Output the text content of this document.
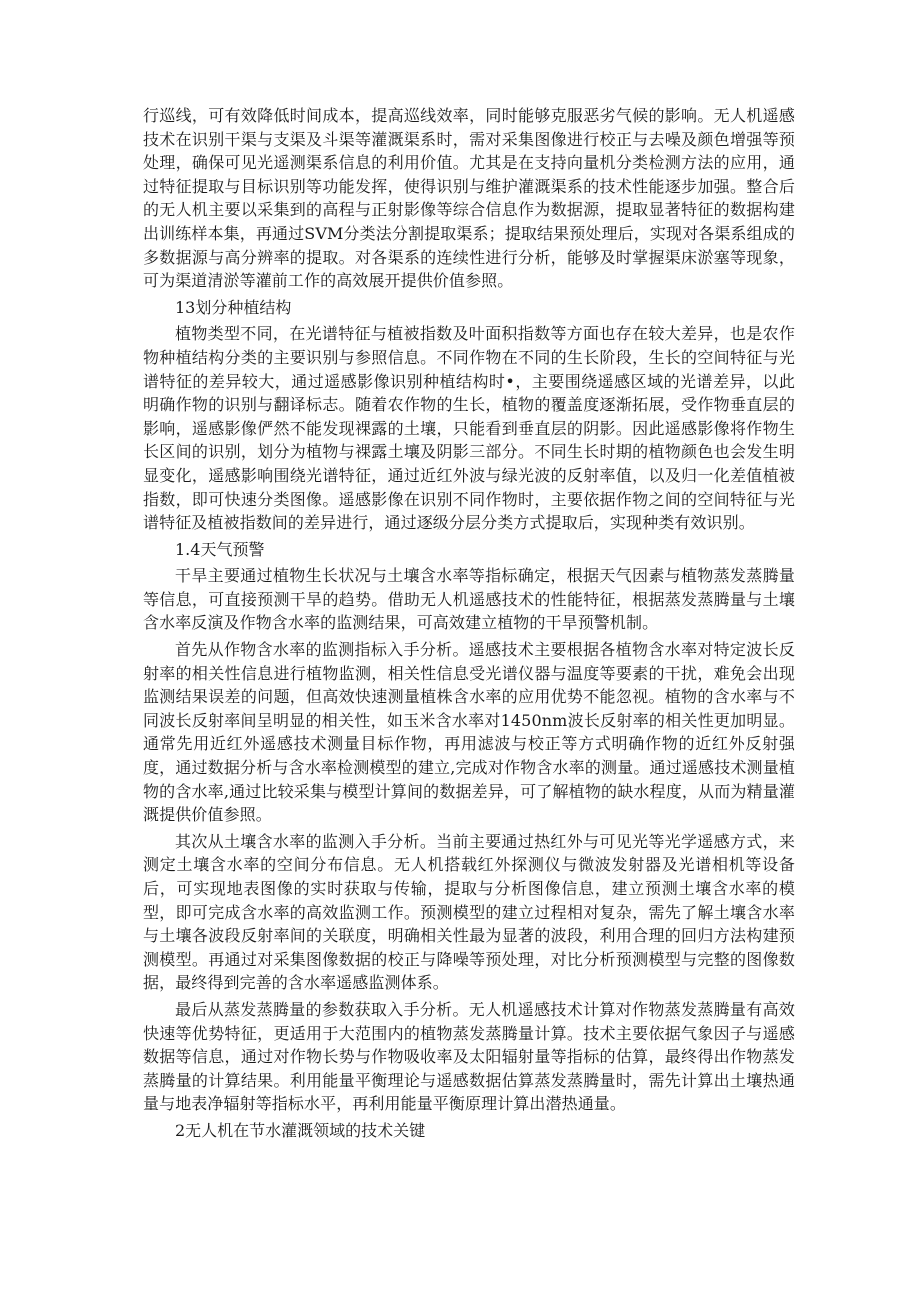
行巡线，可有效降低时间成本，提高巡线效率，同时能够克服恶劣气候的影响。无人机遥感技术在识别干渠与支渠及斗渠等灌溉渠系时，需对采集图像进行校正与去噪及颜色增强等预处理，确保可见光遥测渠系信息的利用价值。尤其是在支持向量机分类检测方法的应用，通过特征提取与目标识别等功能发挥，使得识别与维护灌溉渠系的技术性能逐步加强。整合后的无人机主要以采集到的高程与正射影像等综合信息作为数据源，提取显著特征的数据构建出训练样本集，再通过SVM分类法分割提取渠系；提取结果预处理后，实现对各渠系组成的多数据源与高分辨率的提取。对各渠系的连续性进行分析，能够及时掌握渠床淤塞等现象，可为渠道清淤等灌前工作的高效展开提供价值参照。

13划分种植结构

植物类型不同，在光谱特征与植被指数及叶面积指数等方面也存在较大差异，也是农作物种植结构分类的主要识别与参照信息。不同作物在不同的生长阶段，生长的空间特征与光谱特征的差异较大，通过遥感影像识别种植结构时•，主要围绕遥感区域的光谱差异，以此明确作物的识别与翻译标志。随着农作物的生长，植物的覆盖度逐渐拓展，受作物垂直层的影响，遥感影像俨然不能发现裸露的土壤，只能看到垂直层的阴影。因此遥感影像将作物生长区间的识别，划分为植物与裸露土壤及阴影三部分。不同生长时期的植物颜色也会发生明显变化，遥感影响围绕光谱特征，通过近红外波与绿光波的反射率值，以及归一化差值植被指数，即可快速分类图像。遥感影像在识别不同作物时，主要依据作物之间的空间特征与光谱特征及植被指数间的差异进行，通过逐级分层分类方式提取后，实现种类有效识别。

1.4天气预警

干旱主要通过植物生长状况与土壤含水率等指标确定，根据天气因素与植物蒸发蒸腾量等信息，可直接预测干旱的趋势。借助无人机遥感技术的性能特征，根据蒸发蒸腾量与土壤含水率反演及作物含水率的监测结果，可高效建立植物的干旱预警机制。

首先从作物含水率的监测指标入手分析。遥感技术主要根据各植物含水率对特定波长反射率的相关性信息进行植物监测，相关性信息受光谱仪器与温度等要素的干扰，难免会出现监测结果误差的问题，但高效快速测量植株含水率的应用优势不能忽视。植物的含水率与不同波长反射率间呈明显的相关性，如玉米含水率对1450nm波长反射率的相关性更加明显。通常先用近红外遥感技术测量目标作物，再用滤波与校正等方式明确作物的近红外反射强度，通过数据分析与含水率检测模型的建立,完成对作物含水率的测量。通过遥感技术测量植物的含水率,通过比较采集与模型计算间的数据差异，可了解植物的缺水程度，从而为精量灌溉提供价值参照。

其次从土壤含水率的监测入手分析。当前主要通过热红外与可见光等光学遥感方式，来测定土壤含水率的空间分布信息。无人机搭载红外探测仪与微波发射器及光谱相机等设备后，可实现地表图像的实时获取与传输，提取与分析图像信息，建立预测土壤含水率的模型，即可完成含水率的高效监测工作。预测模型的建立过程相对复杂，需先了解土壤含水率与土壤各波段反射率间的关联度，明确相关性最为显著的波段，利用合理的回归方法构建预测模型。再通过对采集图像数据的校正与降噪等预处理，对比分析预测模型与完整的图像数据，最终得到完善的含水率遥感监测体系。

最后从蒸发蒸腾量的参数获取入手分析。无人机遥感技术计算对作物蒸发蒸腾量有高效快速等优势特征，更适用于大范围内的植物蒸发蒸腾量计算。技术主要依据气象因子与遥感数据等信息，通过对作物长势与作物吸收率及太阳辐射量等指标的估算，最终得出作物蒸发蒸腾量的计算结果。利用能量平衡理论与遥感数据估算蒸发蒸腾量时，需先计算出土壤热通量与地表净辐射等指标水平，再利用能量平衡原理计算出潜热通量。

2无人机在节水灌溉领域的技术关键
